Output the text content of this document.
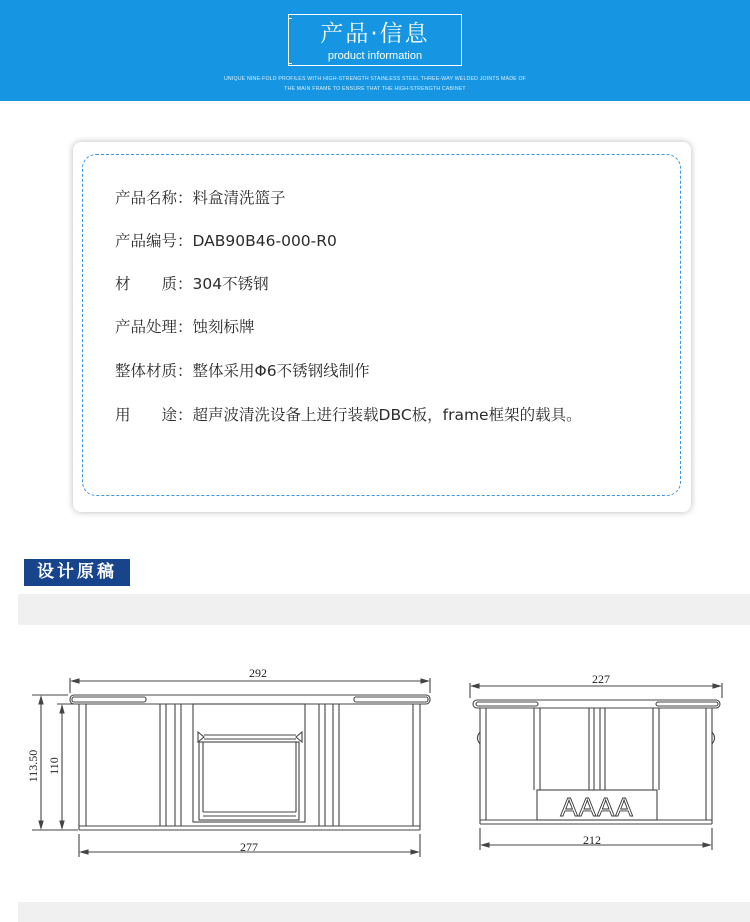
产品·信息
product information
UNIQUE NINE-FOLD PROFILES WITH HIGH-STRENGTH STAINLESS STEEL THREE-WAY WELDED JOINTS MADE OF
THE MAIN FRAME TO ENSURE THAT THE HIGH-STRENGTH CABINET
产品名称：料盒清洗篮子
产品编号：DAB90B46-000-R0
材　　质：304不锈钢
产品处理：蚀刻标牌
整体材质：整体采用Φ6不锈钢线制作
用　　途：超声波清洗设备上进行装载DBC板，frame框架的载具。
设计原稿
292
277
113.50 110
227
212
AAAA
